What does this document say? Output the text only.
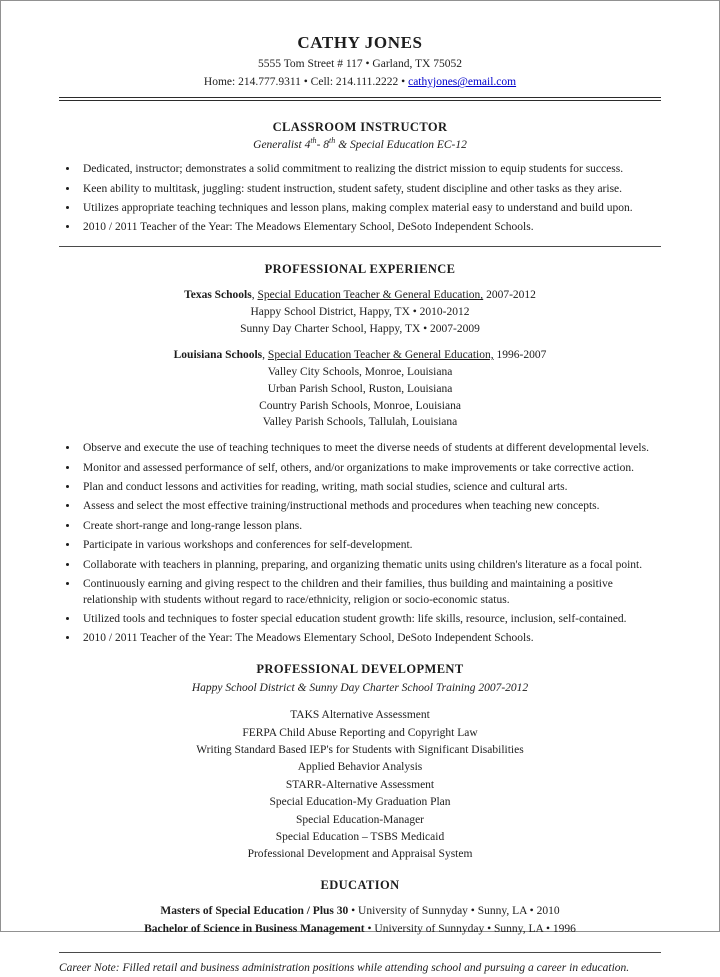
CATHY JONES

5555 Tom Street # 117 • Garland, TX 75052

Home: 214.777.9311 • Cell: 214.111.2222 • cathyjones@email.com

CLASSROOM INSTRUCTOR

Generalist 4th- 8th & Special Education EC-12

• Dedicated, instructor; demonstrates a solid commitment to realizing the district mission to equip students for success.
• Keen ability to multitask, juggling: student instruction, student safety, student discipline and other tasks as they arise.
• Utilizes appropriate teaching techniques and lesson plans, making complex material easy to understand and build upon.
• 2010 / 2011 Teacher of the Year: The Meadows Elementary School, DeSoto Independent Schools.

PROFESSIONAL EXPERIENCE

Texas Schools, Special Education Teacher & General Education, 2007-2012

Happy School District, Happy, TX • 2010-2012

Sunny Day Charter School, Happy, TX • 2007-2009

Louisiana Schools, Special Education Teacher & General Education, 1996-2007

Valley City Schools, Monroe, Louisiana

Urban Parish School, Ruston, Louisiana

Country Parish Schools, Monroe, Louisiana

Valley Parish Schools, Tallulah, Louisiana

• Observe and execute the use of teaching techniques to meet the diverse needs of students at different developmental levels.
• Monitor and assessed performance of self, others, and/or organizations to make improvements or take corrective action.
• Plan and conduct lessons and activities for reading, writing, math social studies, science and cultural arts.
• Assess and select the most effective training/instructional methods and procedures when teaching new concepts.
• Create short-range and long-range lesson plans.
• Participate in various workshops and conferences for self-development.
• Collaborate with teachers in planning, preparing, and organizing thematic units using children's literature as a focal point.
• Continuously earning and giving respect to the children and their families, thus building and maintaining a positive relationship with students without regard to race/ethnicity, religion or socio-economic status.
• Utilized tools and techniques to foster special education student growth: life skills, resource, inclusion, self-contained.
• 2010 / 2011 Teacher of the Year: The Meadows Elementary School, DeSoto Independent Schools.

PROFESSIONAL DEVELOPMENT

Happy School District & Sunny Day Charter School Training 2007-2012

TAKS Alternative Assessment

FERPA Child Abuse Reporting and Copyright Law

Writing Standard Based IEP's for Students with Significant Disabilities

Applied Behavior Analysis

STARR-Alternative Assessment

Special Education-My Graduation Plan

Special Education-Manager

Special Education – TSBS Medicaid

Professional Development and Appraisal System

EDUCATION

Masters of Special Education / Plus 30 • University of Sunnyday • Sunny, LA • 2010

Bachelor of Science in Business Management • University of Sunnyday • Sunny, LA • 1996

Career Note: Filled retail and business administration positions while attending school and pursuing a career in education.
